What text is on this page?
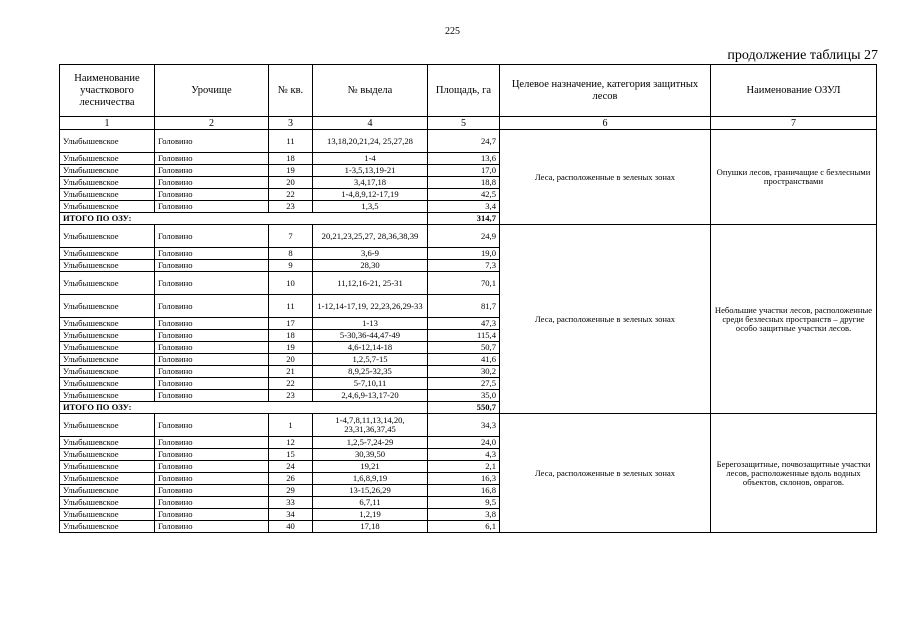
225
продолжение таблицы 27
Наименование участкового лесничества	Урочище	№ кв.	№ выдела	Площадь, га	Целевое назначение, категория защитных лесов	Наименование ОЗУЛ
1	2	3	4	5	6	7
Улыбышевское	Головино	11	13,18,20,21,24, 25,27,28	24,7	Леса, расположенные в зеленых зонах	Опушки лесов, граничащие с безлесными пространствами
Улыбышевское	Головино	18	1-4	13,6		
Улыбышевское	Головино	19	1-3,5,13,19-21	17,0		
Улыбышевское	Головино	20	3,4,17,18	18,8		
Улыбышевское	Головино	22	1-4,8,9,12-17,19	42,5		
Улыбышевское	Головино	23	1,3,5	3,4		
ИТОГО ПО ОЗУ:				314,7		
Улыбышевское	Головино	7	20,21,23,25,27, 28,36,38,39	24,9	Леса, расположенные в зеленых зонах	Небольшие участки лесов, расположенные среди безлесных пространств – другие особо защитные участки лесов.
Улыбышевское	Головино	8	3,6-9	19,0		
Улыбышевское	Головино	9	28,30	7,3		
Улыбышевское	Головино	10	11,12,16-21, 25-31	70,1		
Улыбышевское	Головино	11	1-12,14-17,19, 22,23,26,29-33	81,7		
Улыбышевское	Головино	17	1-13	47,3		
Улыбышевское	Головино	18	5-30,36-44,47-49	115,4		
Улыбышевское	Головино	19	4,6-12,14-18	50,7		
Улыбышевское	Головино	20	1,2,5,7-15	41,6		
Улыбышевское	Головино	21	8,9,25-32,35	30,2		
Улыбышевское	Головино	22	5-7,10,11	27,5		
Улыбышевское	Головино	23	2,4,6,9-13,17-20	35,0		
ИТОГО ПО ОЗУ:				550,7		
Улыбышевское	Головино	1	1-4,7,8,11,13,14,20, 23,31,36,37,45	34,3	Леса, расположенные в зеленых зонах	Берегозащитные, почвозащитные участки лесов, расположенные вдоль водных объектов, склонов, оврагов.
Улыбышевское	Головино	12	1,2,5-7,24-29	24,0		
Улыбышевское	Головино	15	30,39,50	4,3		
Улыбышевское	Головино	24	19,21	2,1		
Улыбышевское	Головино	26	1,6,8,9,19	16,3		
Улыбышевское	Головино	29	13-15,26,29	16,8		
Улыбышевское	Головино	33	6,7,11	9,5		
Улыбышевское	Головино	34	1,2,19	3,8		
Улыбышевское	Головино	40	17,18	6,1		
